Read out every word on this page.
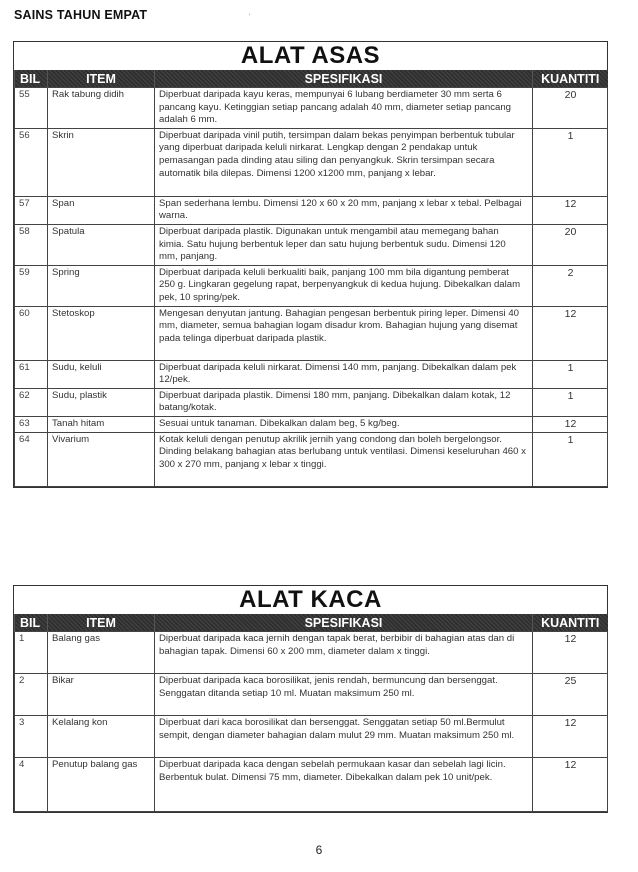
SAINS TAHUN EMPAT	‘
ALAT ASAS
BIL	ITEM	SPESIFIKASI	KUANTITI
55	Rak tabung didih	Diperbuat daripada kayu keras, mempunyai 6 lubang berdiameter 30 mm serta 6 pancang kayu. Ketinggian setiap pancang adalah 40 mm, diameter setiap pancang adalah 6 mm.	20
56	Skrin	Diperbuat daripada vinil putih, tersimpan dalam bekas penyimpan berbentuk tubular yang diperbuat daripada keluli nirkarat. Lengkap dengan 2 pendakap untuk pemasangan pada dinding atau siling dan penyangkuk. Skrin tersimpan secara automatik bila dilepas. Dimensi 1200 x1200 mm, panjang x lebar.	1
57	Span	Span sederhana lembu. Dimensi 120 x 60 x 20 mm, panjang x lebar x tebal. Pelbagai warna.	12
58	Spatula	Diperbuat daripada plastik. Digunakan untuk mengambil atau memegang bahan kimia. Satu hujung berbentuk leper dan satu hujung berbentuk sudu. Dimensi 120 mm, panjang.	20
59	Spring	Diperbuat daripada keluli berkualiti baik, panjang 100 mm bila digantung pemberat 250 g. Lingkaran gegelung rapat, berpenyangkuk di kedua hujung. Dibekalkan dalam pek, 10 spring/pek.	2
60	Stetoskop	Mengesan denyutan jantung. Bahagian pengesan berbentuk piring leper. Dimensi 40 mm, diameter, semua bahagian logam disadur krom. Bahagian hujung yang disemat pada telinga diperbuat daripada plastik.	12
61	Sudu, keluli	Diperbuat daripada keluli nirkarat. Dimensi 140 mm, panjang. Dibekalkan dalam pek 12/pek.	1
62	Sudu, plastik	Diperbuat daripada plastik. Dimensi 180 mm, panjang. Dibekalkan dalam kotak, 12 batang/kotak.	1
63	Tanah hitam	Sesuai untuk tanaman. Dibekalkan dalam beg, 5 kg/beg.	12
64	Vivarium	Kotak keluli dengan penutup akrilik jernih yang condong dan boleh bergelongsor. Dinding belakang bahagian atas berlubang untuk ventilasi. Dimensi keseluruhan 460 x 300 x 270 mm, panjang x lebar x tinggi.	1
ALAT KACA
BIL	ITEM	SPESIFIKASI	KUANTITI
1	Balang gas	Diperbuat daripada kaca jernih dengan tapak berat, berbibir di bahagian atas dan di bahagian tapak. Dimensi 60 x 200 mm, diameter dalam x tinggi.	12
2	Bikar	Diperbuat daripada kaca borosilikat, jenis rendah, bermuncung dan bersenggat. Senggatan ditanda setiap 10 ml. Muatan maksimum 250 ml.	25
3	Kelalang kon	Diperbuat dari kaca borosilikat dan bersenggat. Senggatan setiap 50 ml.Bermulut sempit, dengan diameter bahagian dalam mulut 29 mm. Muatan maksimum 250 ml.	12
4	Penutup balang gas	Diperbuat daripada kaca dengan sebelah permukaan kasar dan sebelah lagi licin. Berbentuk bulat. Dimensi 75 mm, diameter. Dibekalkan dalam pek 10 unit/pek.	12
6
